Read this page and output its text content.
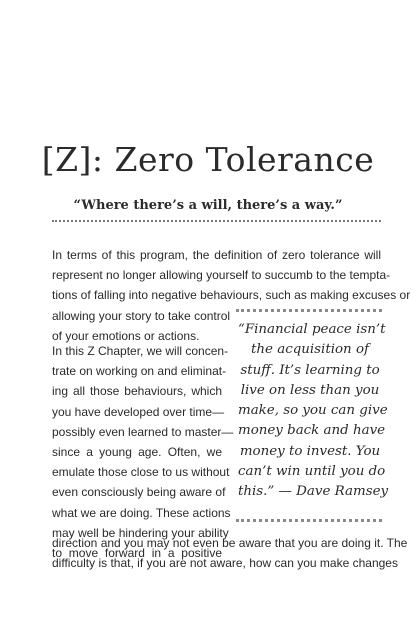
[Z]: Zero Tolerance
“Where there’s a will, there’s a way.”
In terms of this program, the definition of zero tolerance will
represent no longer allowing yourself to succumb to the tempta-
tions of falling into negative behaviours, such as making excuses or
allowing your story to take control
of your emotions or actions.
In this Z Chapter, we will concen-
trate on working on and eliminat-
ing all those behaviours, which
you have developed over time—
possibly even learned to master—
since a young age. Often, we
emulate those close to us without
even consciously being aware of
what we are doing. These actions
may well be hindering your ability
to move forward in a positive
direction and you may not even be aware that you are doing it. The
difficulty is that, if you are not aware, how can you make changes
“Financial peace isn’t
the acquisition of
stuff. It’s learning to
live on less than you
make, so you can give
money back and have
money to invest. You
can’t win until you do
this.” — Dave Ramsey
